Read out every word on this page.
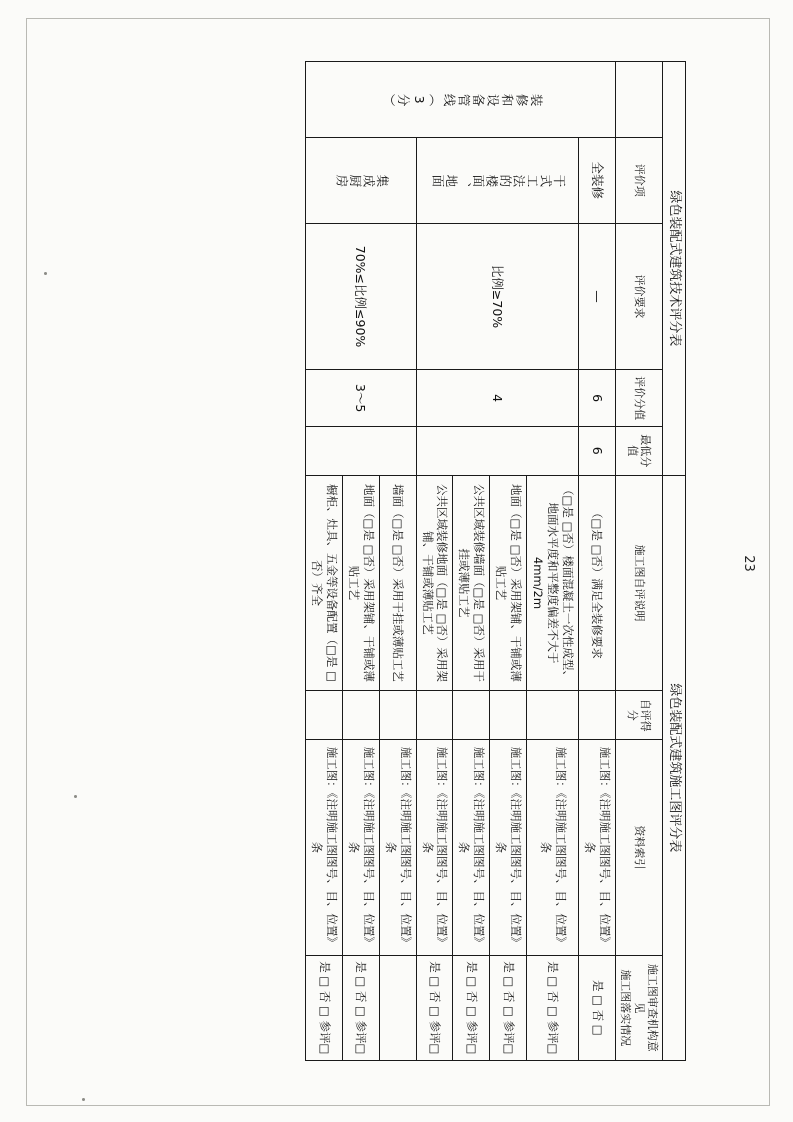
23
绿色装配式建筑技术评分表					绿色装配式建筑施工图评分表			
	评价项	评价要求	评价分值	最低分值	施工图自评说明	自评得分	资料索引	施工图审查机构意见
施工图落实情况

装修和设备管线（3分）	全装修	—	6	6	（□是 □否）满足全装修要求		施工图：《注明施工图图号、目、位置》 条	是 □ 否 □
	干式工法的楼面、地面	比例≥70%	4		（□是 □否）楼面混凝土一次性成型、地面水平度和平整度偏差不大于4mm/2m		施工图：《注明施工图图号、目、位置》 条	是 □ 否 □ 参评□
					地面（□是 □否）采用架铺、干铺或薄贴工艺		施工图：《注明施工图图号、目、位置》 条	是 □ 否 □ 参评□
					公共区域装修墙面（□是 □否）采用干挂或薄贴工艺		施工图：《注明施工图图号、目、位置》 条	是 □ 否 □ 参评□
					公共区域装修地面（□是 □否）采用架铺、干铺或薄贴工艺		施工图：《注明施工图图号、目、位置》 条	是 □ 否 □ 参评□
	集成厨房	70%≤比例≤90%	3～5		墙面（□是 □否）采用干挂或薄贴工艺		施工图：《注明施工图图号、目、位置》 条	
					地面（□是 □否）采用架铺、干铺或薄贴工艺		施工图：《注明施工图图号、目、位置》 条	是 □ 否 □ 参评□
					橱柜、灶具、五金等设备配置（□是 □否）齐全		施工图：《注明施工图图号、目、位置》 条	是 □ 否 □ 参评□
